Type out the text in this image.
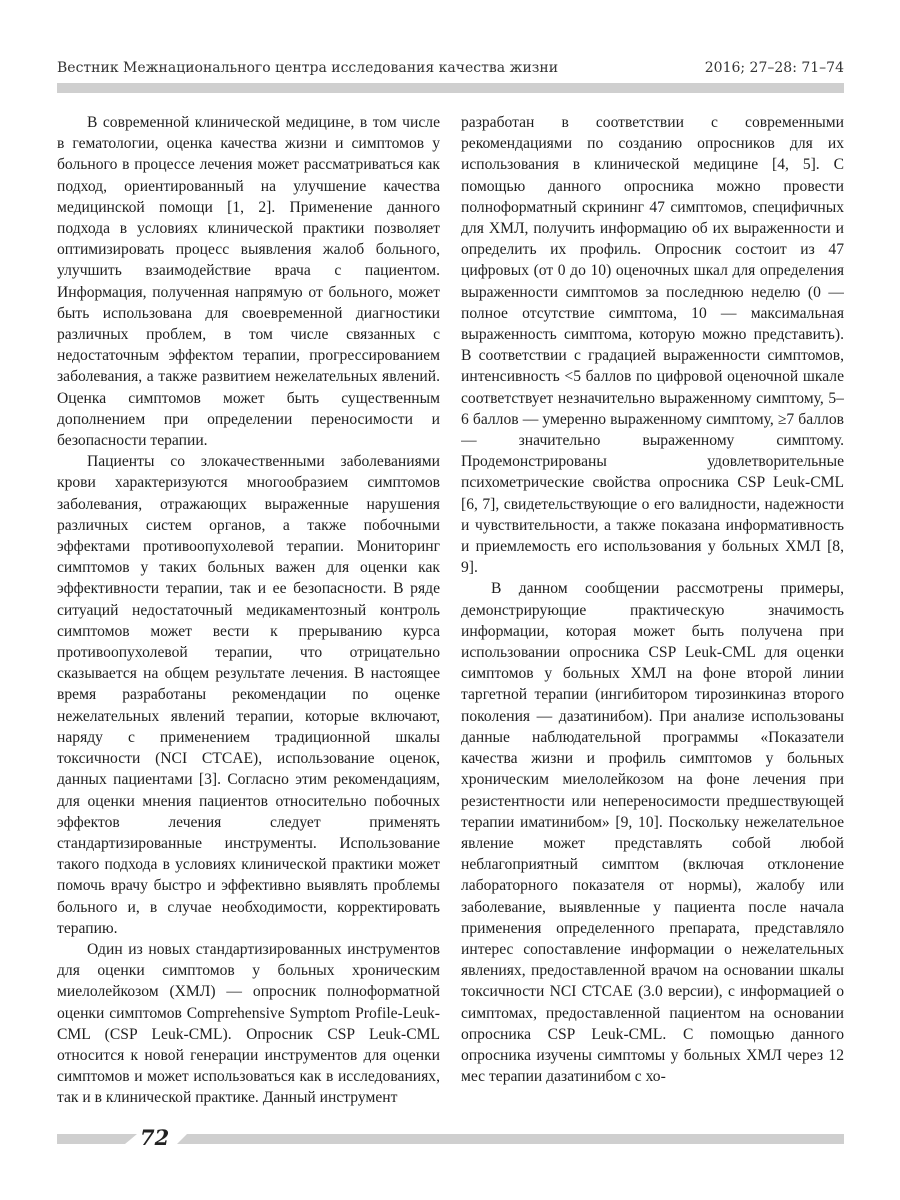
Вестник Межнационального центра исследования качества жизни	2016; 27–28: 71–74

В современной клинической медицине, в том числе в гематологии, оценка качества жизни и симптомов у больного в процессе лечения может рассматриваться как подход, ориентированный на улучшение качества медицинской помощи [1, 2]. Применение данного подхода в условиях клинической практики позволяет оптимизировать процесс выявления жалоб больного, улучшить взаимодействие врача с пациентом. Информация, полученная напрямую от больного, может быть использована для своевременной диагностики различных проблем, в том числе связанных с недостаточным эффектом терапии, прогрессированием заболевания, а также развитием нежелательных явлений. Оценка симптомов может быть существенным дополнением при определении переносимости и безопасности терапии.

Пациенты со злокачественными заболеваниями крови характеризуются многообразием симптомов заболевания, отражающих выраженные нарушения различных систем органов, а также побочными эффектами противоопухолевой терапии. Мониторинг симптомов у таких больных важен для оценки как эффективности терапии, так и ее безопасности. В ряде ситуаций недостаточный медикаментозный контроль симптомов может вести к прерыванию курса противоопухолевой терапии, что отрицательно сказывается на общем результате лечения. В настоящее время разработаны рекомендации по оценке нежелательных явлений терапии, которые включают, наряду с применением традиционной шкалы токсичности (NCI CTCAE), использование оценок, данных пациентами [3]. Согласно этим рекомендациям, для оценки мнения пациентов относительно побочных эффектов лечения следует применять стандартизированные инструменты. Использование такого подхода в условиях клинической практики может помочь врачу быстро и эффективно выявлять проблемы больного и, в случае необходимости, корректировать терапию.

Один из новых стандартизированных инструментов для оценки симптомов у больных хроническим миелолейкозом (ХМЛ) — опросник полноформатной оценки симптомов Comprehensive Symptom Profile-Leuk-CML (CSP Leuk-CML). Опросник CSP Leuk-CML относится к новой генерации инструментов для оценки симптомов и может использоваться как в исследованиях, так и в клинической практике. Данный инструмент

разработан в соответствии с современными рекомендациями по созданию опросников для их использования в клинической медицине [4, 5]. С помощью данного опросника можно провести полноформатный скрининг 47 симптомов, специфичных для ХМЛ, получить информацию об их выраженности и определить их профиль. Опросник состоит из 47 цифровых (от 0 до 10) оценочных шкал для определения выраженности симптомов за последнюю неделю (0 — полное отсутствие симптома, 10 — максимальная выраженность симптома, которую можно представить). В соответствии с градацией выраженности симптомов, интенсивность <5 баллов по цифровой оценочной шкале соответствует незначительно выраженному симптому, 5–6 баллов — умеренно выраженному симптому, ≥7 баллов — значительно выраженному симптому. Продемонстрированы удовлетворительные психометрические свойства опросника CSP Leuk-CML [6, 7], свидетельствующие о его валидности, надежности и чувствительности, а также показана информативность и приемлемость его использования у больных ХМЛ [8, 9].

В данном сообщении рассмотрены примеры, демонстрирующие практическую значимость информации, которая может быть получена при использовании опросника CSP Leuk-CML для оценки симптомов у больных ХМЛ на фоне второй линии таргетной терапии (ингибитором тирозинкиназ второго поколения — дазатинибом). При анализе использованы данные наблюдательной программы «Показатели качества жизни и профиль симптомов у больных хроническим миелолейкозом на фоне лечения при резистентности или непереносимости предшествующей терапии иматинибом» [9, 10]. Поскольку нежелательное явление может представлять собой любой неблагоприятный симптом (включая отклонение лабораторного показателя от нормы), жалобу или заболевание, выявленные у пациента после начала применения определенного препарата, представляло интерес сопоставление информации о нежелательных явлениях, предоставленной врачом на основании шкалы токсичности NCI CTCAE (3.0 версии), с информацией о симптомах, предоставленной пациентом на основании опросника CSP Leuk-CML. С помощью данного опросника изучены симптомы у больных ХМЛ через 12 мес терапии дазатинибом с хо-

72
